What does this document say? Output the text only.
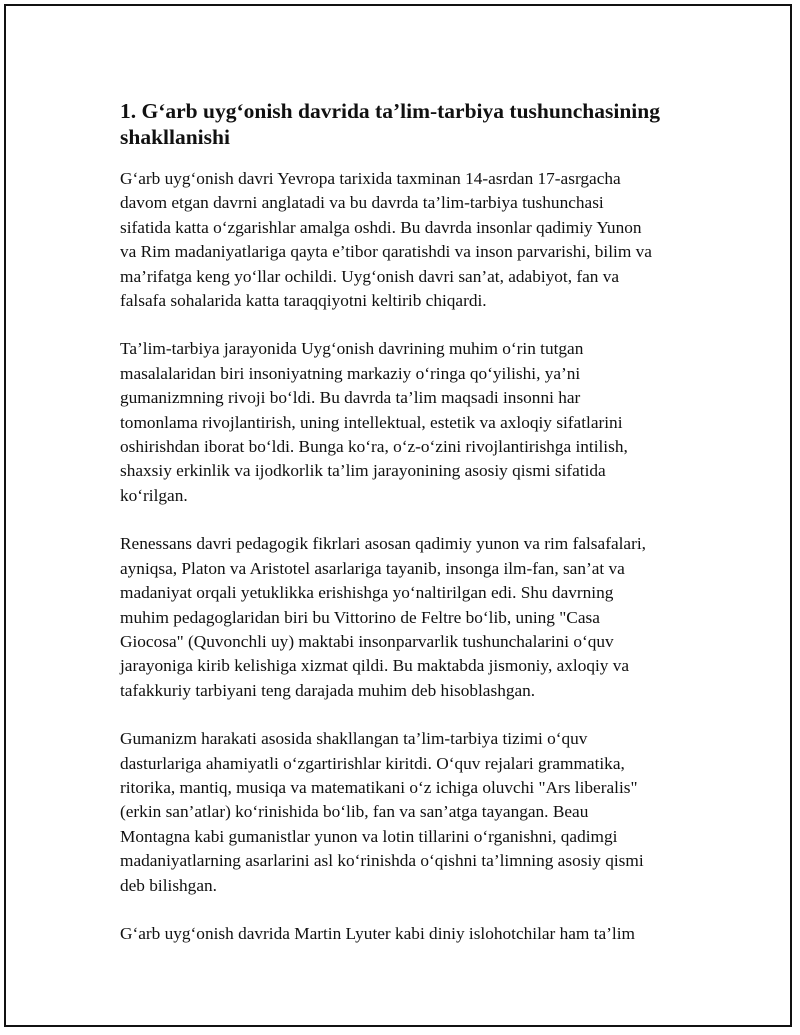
1. G‘arb uyg‘onish davrida ta’lim-tarbiya tushunchasining shakllanishi

G‘arb uyg‘onish davri Yevropa tarixida taxminan 14-asrdan 17-asrgacha
davom etgan davrni anglatadi va bu davrda ta’lim-tarbiya tushunchasi
sifatida katta o‘zgarishlar amalga oshdi. Bu davrda insonlar qadimiy Yunon
va Rim madaniyatlariga qayta e’tibor qaratishdi va inson parvarishi, bilim va
ma’rifatga keng yo‘llar ochildi. Uyg‘onish davri san’at, adabiyot, fan va
falsafa sohalarida katta taraqqiyotni keltirib chiqardi.

Ta’lim-tarbiya jarayonida Uyg‘onish davrining muhim o‘rin tutgan
masalalaridan biri insoniyatning markaziy o‘ringa qo‘yilishi, ya’ni
gumanizmning rivoji bo‘ldi. Bu davrda ta’lim maqsadi insonni har
tomonlama rivojlantirish, uning intellektual, estetik va axloqiy sifatlarini
oshirishdan iborat bo‘ldi. Bunga ko‘ra, o‘z-o‘zini rivojlantirishga intilish,
shaxsiy erkinlik va ijodkorlik ta’lim jarayonining asosiy qismi sifatida
ko‘rilgan.

Renessans davri pedagogik fikrlari asosan qadimiy yunon va rim falsafalari,
ayniqsa, Platon va Aristotel asarlariga tayanib, insonga ilm-fan, san’at va
madaniyat orqali yetuklikka erishishga yo‘naltirilgan edi. Shu davrning
muhim pedagoglaridan biri bu Vittorino de Feltre bo‘lib, uning "Casa
Giocosa" (Quvonchli uy) maktabi insonparvarlik tushunchalarini o‘quv
jarayoniga kirib kelishiga xizmat qildi. Bu maktabda jismoniy, axloqiy va
tafakkuriy tarbiyani teng darajada muhim deb hisoblashgan.

Gumanizm harakati asosida shakllangan ta’lim-tarbiya tizimi o‘quv
dasturlariga ahamiyatli o‘zgartirishlar kiritdi. O‘quv rejalari grammatika,
ritorika, mantiq, musiqa va matematikani o‘z ichiga oluvchi "Ars liberalis"
(erkin san’atlar) ko‘rinishida bo‘lib, fan va san’atga tayangan. Beau
Montagna kabi gumanistlar yunon va lotin tillarini o‘rganishni, qadimgi
madaniyatlarning asarlarini asl ko‘rinishda o‘qishni ta’limning asosiy qismi
deb bilishgan.

G‘arb uyg‘onish davrida Martin Lyuter kabi diniy islohotchilar ham ta’lim
